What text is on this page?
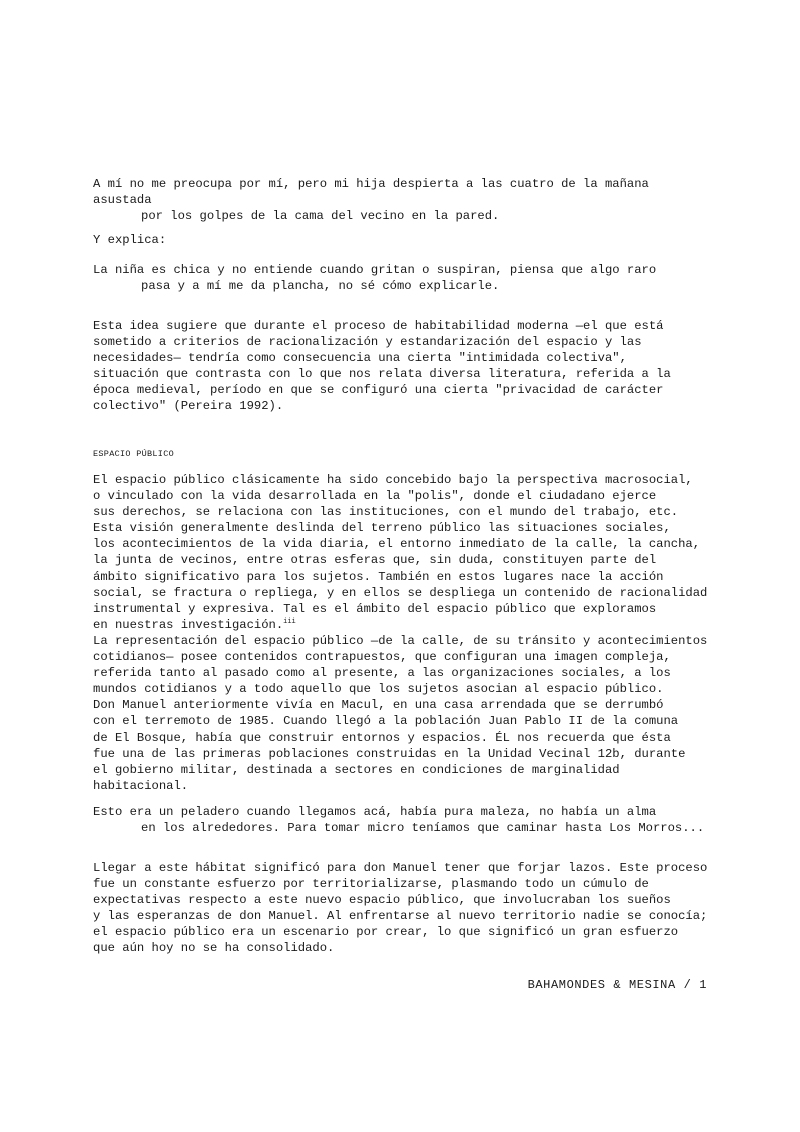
A mí no me preocupa por mí, pero mi hija despierta a las cuatro de la mañana asustada
por los golpes de la cama del vecino en la pared.

Y explica:

La niña es chica y no entiende cuando gritan o suspiran, piensa que algo raro
pasa y a mí me da plancha, no sé cómo explicarle.

Esta idea sugiere que durante el proceso de habitabilidad moderna —el que está
sometido a criterios de racionalización y estandarización del espacio y las
necesidades— tendría como consecuencia una cierta "intimidada colectiva",
situación que contrasta con lo que nos relata diversa literatura, referida a la
época medieval, período en que se configuró una cierta "privacidad de carácter
colectivo" (Pereira 1992).

ESPACIO PÚBLICO

El espacio público clásicamente ha sido concebido bajo la perspectiva macrosocial,
o vinculado con la vida desarrollada en la "polis", donde el ciudadano ejerce
sus derechos, se relaciona con las instituciones, con el mundo del trabajo, etc.
Esta visión generalmente deslinda del terreno público las situaciones sociales,
los acontecimientos de la vida diaria, el entorno inmediato de la calle, la cancha,
la junta de vecinos, entre otras esferas que, sin duda, constituyen parte del
ámbito significativo para los sujetos. También en estos lugares nace la acción
social, se fractura o repliega, y en ellos se despliega un contenido de racionalidad
instrumental y expresiva. Tal es el ámbito del espacio público que exploramos
en nuestras investigación.$^{iii}$

La representación del espacio público —de la calle, de su tránsito y acontecimientos
cotidianos— posee contenidos contrapuestos, que configuran una imagen compleja,
referida tanto al pasado como al presente, a las organizaciones sociales, a los
mundos cotidianos y a todo aquello que los sujetos asocian al espacio público.
Don Manuel anteriormente vivía en Macul, en una casa arrendada que se derrumbó
con el terremoto de 1985. Cuando llegó a la población Juan Pablo II de la comuna
de El Bosque, había que construir entornos y espacios. ÉL nos recuerda que ésta
fue una de las primeras poblaciones construidas en la Unidad Vecinal 12b, durante
el gobierno militar, destinada a sectores en condiciones de marginalidad
habitacional.

Esto era un peladero cuando llegamos acá, había pura maleza, no había un alma
en los alrededores. Para tomar micro teníamos que caminar hasta Los Morros...

Llegar a este hábitat significó para don Manuel tener que forjar lazos. Este proceso
fue un constante esfuerzo por territorializarse, plasmando todo un cúmulo de
expectativas respecto a este nuevo espacio público, que involucraban los sueños
y las esperanzas de don Manuel. Al enfrentarse al nuevo territorio nadie se conocía;
el espacio público era un escenario por crear, lo que significó un gran esfuerzo
que aún hoy no se ha consolidado.

BAHAMONDES & MESINA / 1
